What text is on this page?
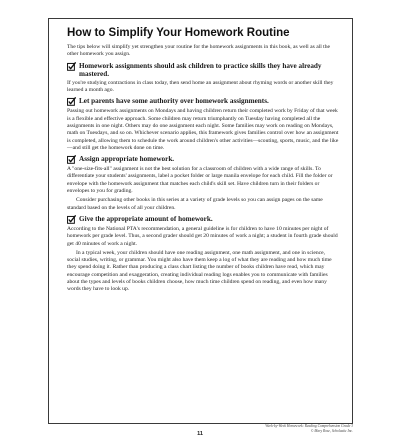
How to Simplify Your Homework Routine

The tips below will simplify yet strengthen your routine for the homework assignments in this book, as well as all the other homework you assign.

Homework assignments should ask children to practice skills they have already mastered.

If you're studying contractions in class today, then send home an assignment about rhyming words or another skill they learned a month ago.

Let parents have some authority over homework assignments.

Passing out homework assignments on Mondays and having children return their completed work by Friday of that week is a flexible and effective approach. Some children may return triumphantly on Tuesday having completed all the assignments in one night. Others may do one assignment each night. Some families may work on reading on Mondays, math on Tuesdays, and so on. Whichever scenario applies, this framework gives families control over how an assignment is completed, allowing them to schedule the work around children's other activities—scouting, sports, music, and the like—and still get the homework done on time.

Assign appropriate homework.

A "one-size-fits-all" assignment is not the best solution for a classroom of children with a wide range of skills. To differentiate your students' assignments, label a pocket folder or large manila envelope for each child. Fill the folder or envelope with the homework assignment that matches each child's skill set. Have children turn in their folders or envelopes to you for grading.

Consider purchasing other books in this series at a variety of grade levels so you can assign pages on the same standard based on the levels of all your children.

Give the appropriate amount of homework.

According to the National PTA's recommendation, a general guideline is for children to have 10 minutes per night of homework per grade level. Thus, a second grader should get 20 minutes of work a night; a student in fourth grade should get 40 minutes of work a night.

In a typical week, your children should have one reading assignment, one math assignment, and one in science, social studies, writing, or grammar. You might also have them keep a log of what they are reading and how much time they spend doing it. Rather than producing a class chart listing the number of books children have read, which may encourage competition and exaggeration, creating individual reading logs enables you to communicate with families about the types and levels of books children choose, how much time children spend on reading, and even how many words they have to look up.

Week-by-Week Homework: Reading Comprehension Grade 3
© Mary Rose, Scholastic Inc.
11
